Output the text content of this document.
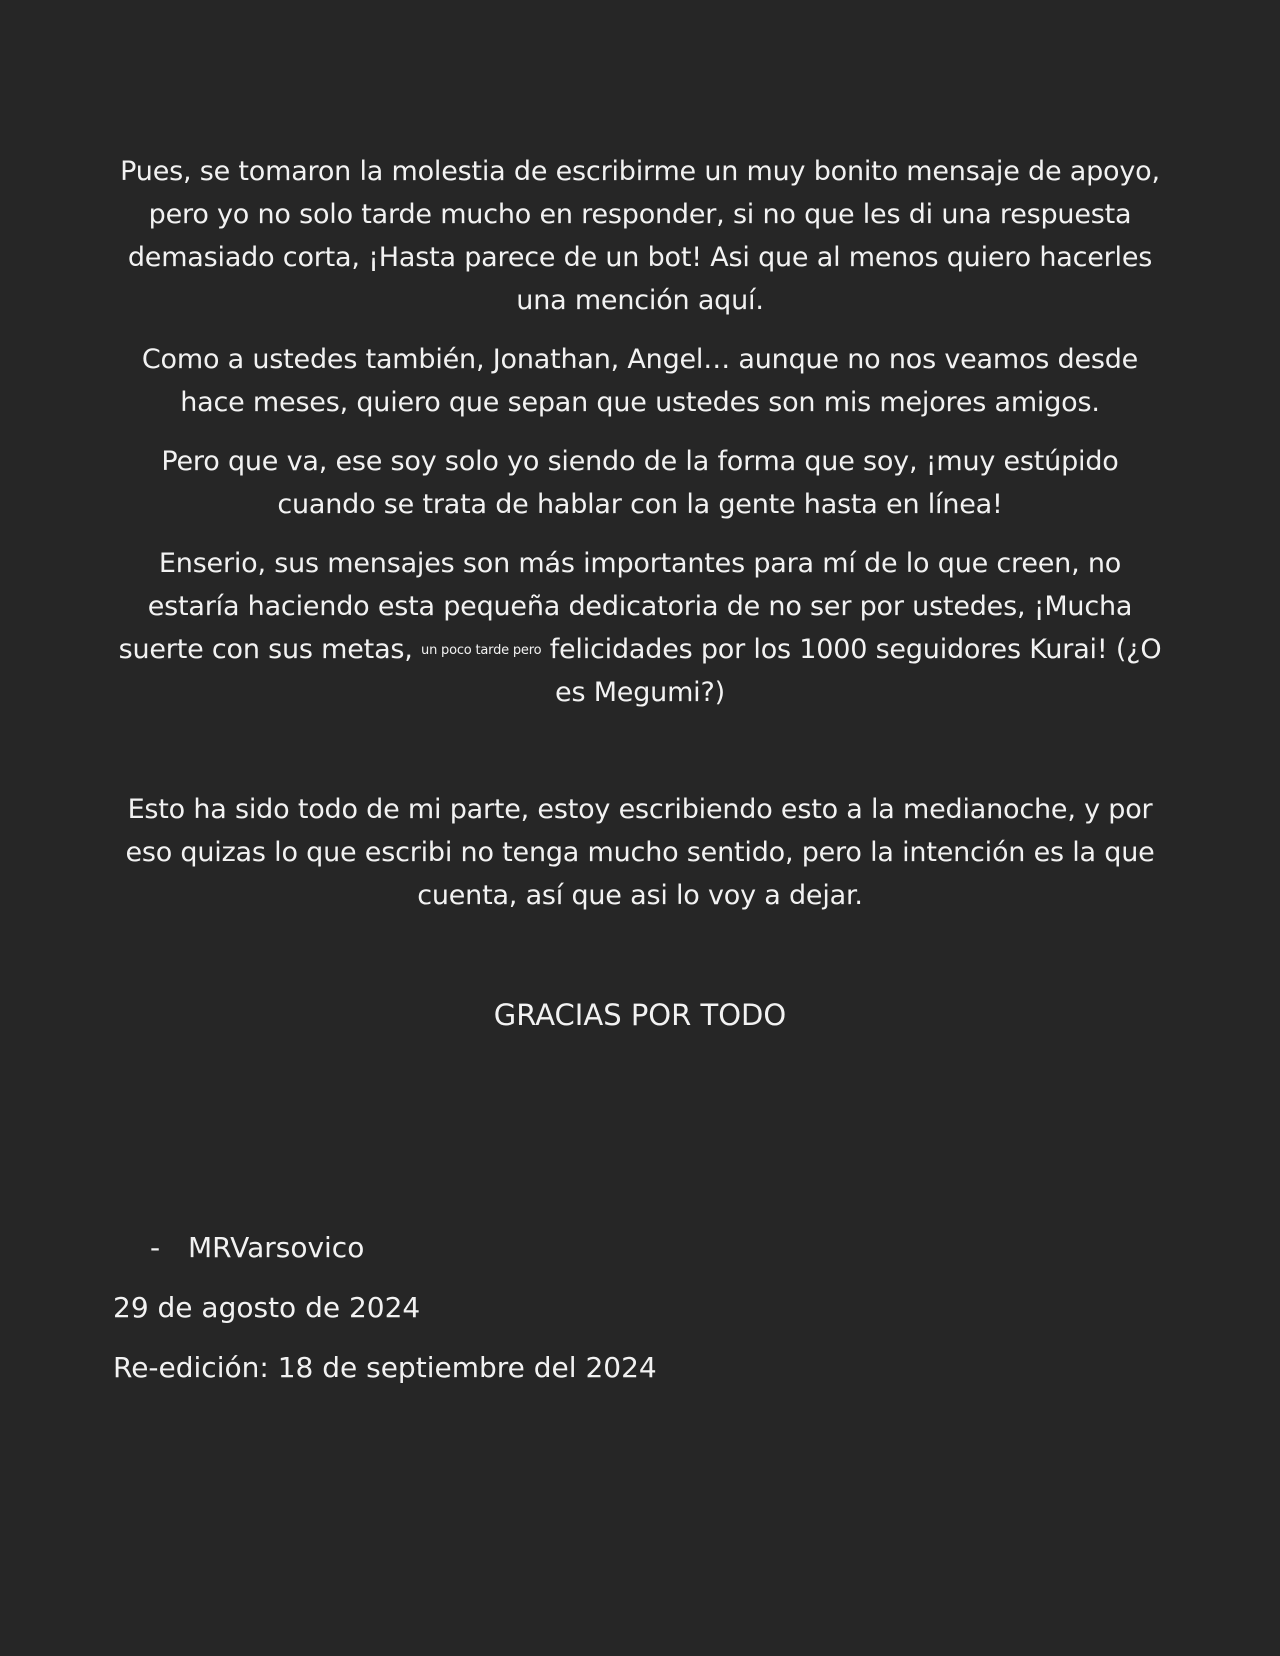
Pues, se tomaron la molestia de escribirme un muy bonito mensaje de apoyo, pero yo no solo tarde mucho en responder, si no que les di una respuesta demasiado corta, ¡Hasta parece de un bot! Asi que al menos quiero hacerles una mención aquí.

Como a ustedes también, Jonathan, Angel… aunque no nos veamos desde hace meses, quiero que sepan que ustedes son mis mejores amigos.

Pero que va, ese soy solo yo siendo de la forma que soy, ¡muy estúpido cuando se trata de hablar con la gente hasta en línea!

Enserio, sus mensajes son más importantes para mí de lo que creen, no estaría haciendo esta pequeña dedicatoria de no ser por ustedes, ¡Mucha suerte con sus metas, un poco tarde pero felicidades por los 1000 seguidores Kurai! (¿O es Megumi?)

Esto ha sido todo de mi parte, estoy escribiendo esto a la medianoche, y por eso quizas lo que escribi no tenga mucho sentido, pero la intención es la que cuenta, así que asi lo voy a dejar.

GRACIAS POR TODO
- MRVarsovico
29 de agosto de 2024
Re-edición: 18 de septiembre del 2024
